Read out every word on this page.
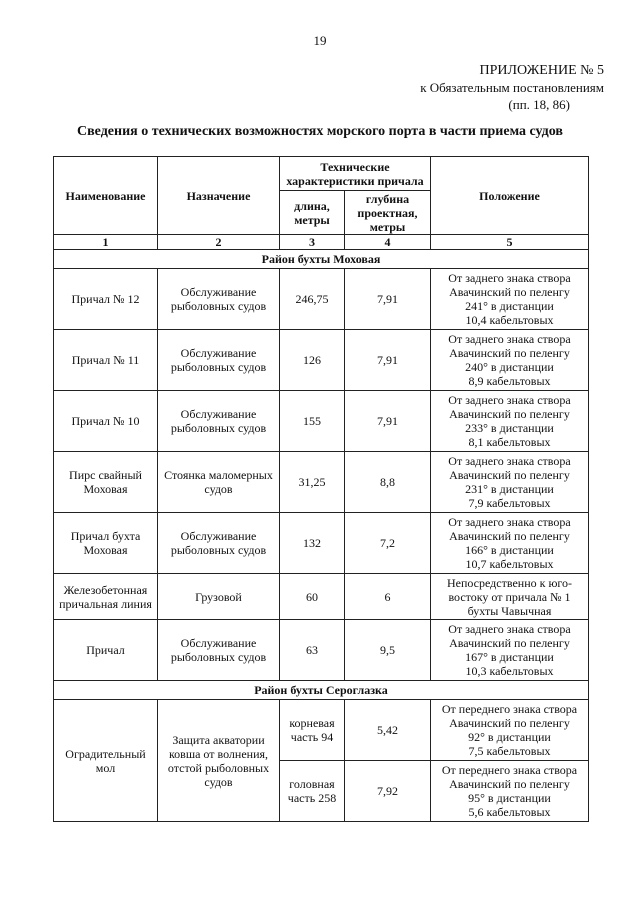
19
ПРИЛОЖЕНИЕ № 5
к Обязательным постановлениям
(пп. 18, 86)
Сведения о технических возможностях морского порта в части приема судов
Наименование	Назначение	Технические характеристики причала		Положение
		длина, метры	глубина проектная, метры	
1	2	3	4	5
Район бухты Моховая				
Причал № 12	Обслуживание рыболовных судов	246,75	7,91	От заднего знака створа
Авачинский по пеленгу
241° в дистанции
10,4 кабельтовых

Причал № 11	Обслуживание рыболовных судов	126	7,91	От заднего знака створа
Авачинский по пеленгу
240° в дистанции
8,9 кабельтовых

Причал № 10	Обслуживание рыболовных судов	155	7,91	От заднего знака створа
Авачинский по пеленгу
233° в дистанции
8,1 кабельтовых

Пирс свайный Моховая	Стоянка маломерных судов	31,25	8,8	От заднего знака створа
Авачинский по пеленгу
231° в дистанции
7,9 кабельтовых

Причал бухта Моховая	Обслуживание рыболовных судов	132	7,2	От заднего знака створа
Авачинский по пеленгу
166° в дистанции
10,7 кабельтовых

Железобетонная причальная линия	Грузовой	60	6	Непосредственно к юго-
востоку от причала № 1
бухты Чавычная

Причал	Обслуживание рыболовных судов	63	9,5	От заднего знака створа
Авачинский по пеленгу
167° в дистанции
10,3 кабельтовых

Район бухты Сероглазка				
Оградительный мол	Защита акватории ковша от волнения, отстой рыболовных судов	корневая часть 94	5,42	От переднего знака створа
Авачинский по пеленгу
92° в дистанции
7,5 кабельтовых

		головная часть 258	7,92	От переднего знака створа
Авачинский по пеленгу
95° в дистанции
5,6 кабельтовых
